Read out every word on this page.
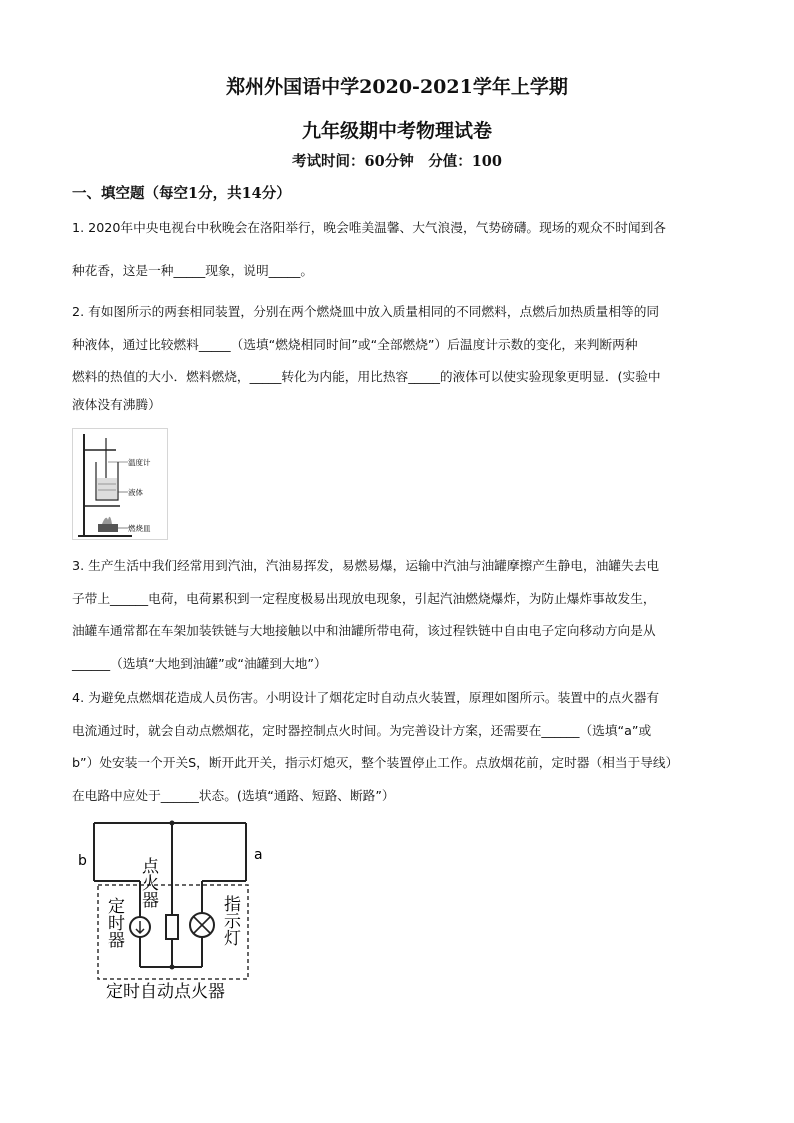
郑州外国语中学2020-2021学年上学期
九年级期中考物理试卷
考试时间：60分钟　分值：100
一、填空题（每空1分，共14分）
1. 2020年中央电视台中秋晚会在洛阳举行，晚会唯美温馨、大气浪漫，气势磅礴。现场的观众不时闻到各
种花香，这是一种_____现象，说明_____。
2. 有如图所示的两套相同装置，分别在两个燃烧皿中放入质量相同的不同燃料，点燃后加热质量相等的同
种液体，通过比较燃料_____（选填“燃烧相同时间”或“全部燃烧”）后温度计示数的变化，来判断两种
燃料的热值的大小．燃料燃烧，_____转化为内能，用比热容_____的液体可以使实验现象更明显．(实验中
液体没有沸腾）
温度计
液体
燃烧皿
3. 生产生活中我们经常用到汽油，汽油易挥发，易燃易爆，运输中汽油与油罐摩擦产生静电，油罐失去电
子带上______电荷，电荷累积到一定程度极易出现放电现象，引起汽油燃烧爆炸，为防止爆炸事故发生，
油罐车通常都在车架加装铁链与大地接触以中和油罐所带电荷，该过程铁链中自由电子定向移动方向是从
______（选填“大地到油罐”或“油罐到大地”）
4. 为避免点燃烟花造成人员伤害。小明设计了烟花定时自动点火装置，原理如图所示。装置中的点火器有
电流通过时，就会自动点燃烟花，定时器控制点火时间。为完善设计方案，还需要在______（选填“a”或
b”）处安装一个开关S，断开此开关，指示灯熄灭，整个装置停止工作。点放烟花前，定时器（相当于导线）
在电路中应处于______状态。(选填“通路、短路、断路”）
b	a
点火器
定时器	指示灯
定时自动点火器
